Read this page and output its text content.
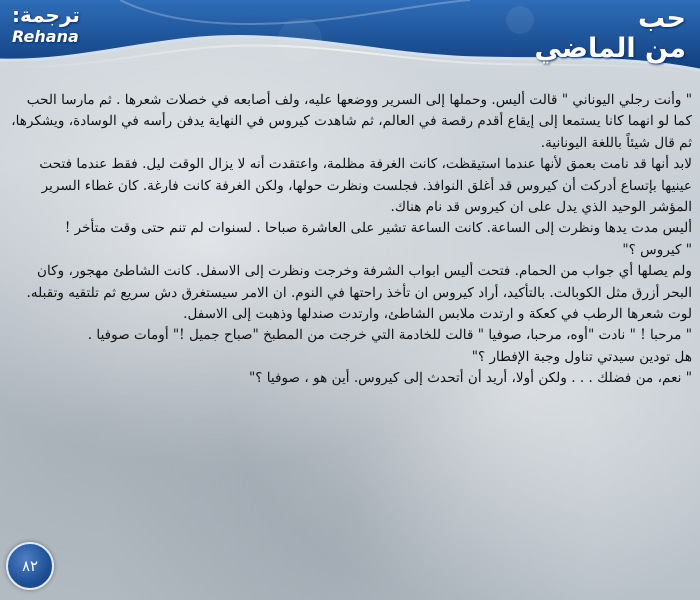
حب
من الماضي
ترجمة:
Rehana

" وأنت رجلي اليوناني " قالت أليس. وحملها إلى السرير ووضعها عليه، ولف أصابعه في خصلات شعرها . ثم مارسا الحب كما لو انهما كانا يستمعا إلى إيقاع أقدم رقصة في العالم، ثم شاهدت كيروس في النهاية يدفن رأسه في الوسادة، ويشكرها، ثم قال شيئاً باللغة اليونانية.

لابد أنها قد نامت بعمق لأنها عندما استيقظت، كانت الغرفة مظلمة، واعتقدت أنه لا يزال الوقت ليل. فقط عندما فتحت عينيها بإتساع أدركت أن كيروس قد أغلق النوافذ. فجلست ونظرت حولها، ولكن الغرفة كانت فارغة. كان غطاء السرير المؤشر الوحيد الذي يدل على ان كيروس قد نام هناك.

أليس مدت يدها ونظرت إلى الساعة. كانت الساعة تشير على العاشرة صباحا . لسنوات لم تنم حتى وقت متأخر !

" كيروس ؟"

ولم يصلها أي جواب من الحمام. فتحت أليس ابواب الشرفة وخرجت ونظرت إلى الاسفل. كانت الشاطئ مهجور، وكان البحر أزرق مثل الكوبالت. بالتأكيد، أراد كيروس ان تأخذ راحتها في النوم. ان الامر سيستغرق دش سريع ثم تلتقيه وتقبله.

لوت شعرها الرطب في كعكة و ارتدت ملابس الشاطئ، وارتدت صندلها وذهبت إلى الاسفل.

" مرحبا ! " نادت "أوه، مرحبا، صوفيا " قالت للخادمة التي خرجت من المطبخ "صباح جميل !" أومات صوفيا .

هل تودين سيدتي تناول وجبة الإفطار ؟"

" نعم، من فضلك . . . ولكن أولا، أريد أن أتحدث إلى كيروس. أين هو ، صوفيا ؟"

٨٢
